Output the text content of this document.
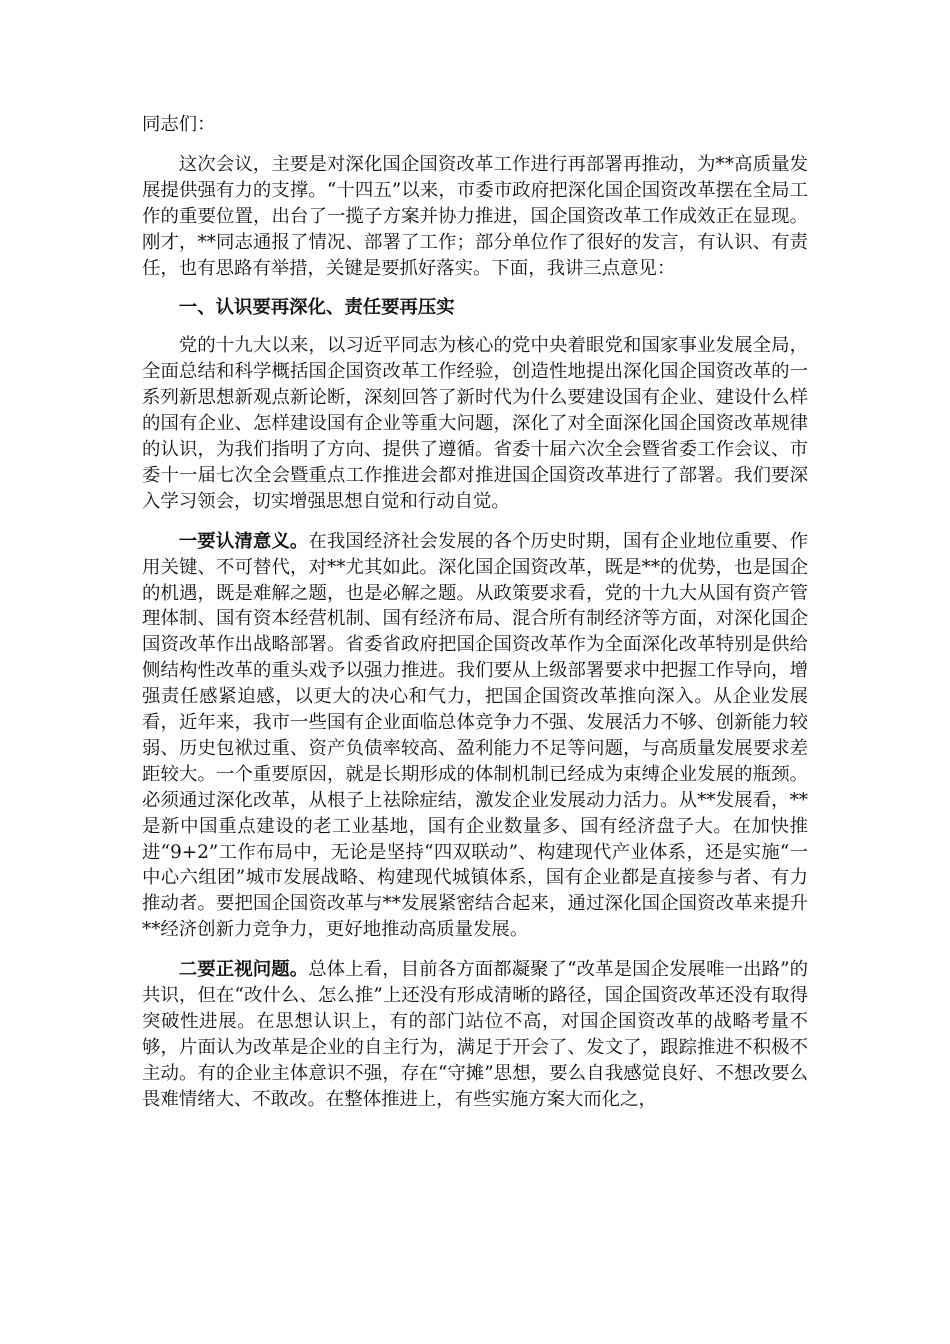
同志们：

这次会议，主要是对深化国企国资改革工作进行再部署再推动，为**高质量发展提供强有力的支撑。“十四五”以来，市委市政府把深化国企国资改革摆在全局工作的重要位置，出台了一揽子方案并协力推进，国企国资改革工作成效正在显现。刚才，**同志通报了情况、部署了工作；部分单位作了很好的发言，有认识、有责任，也有思路有举措，关键是要抓好落实。下面，我讲三点意见：

一、认识要再深化、责任要再压实

党的十九大以来，以习近平同志为核心的党中央着眼党和国家事业发展全局，全面总结和科学概括国企国资改革工作经验，创造性地提出深化国企国资改革的一系列新思想新观点新论断，深刻回答了新时代为什么要建设国有企业、建设什么样的国有企业、怎样建设国有企业等重大问题，深化了对全面深化国企国资改革规律的认识，为我们指明了方向、提供了遵循。省委十届六次全会暨省委工作会议、市委十一届七次全会暨重点工作推进会都对推进国企国资改革进行了部署。我们要深入学习领会，切实增强思想自觉和行动自觉。

一要认清意义。在我国经济社会发展的各个历史时期，国有企业地位重要、作用关键、不可替代，对**尤其如此。深化国企国资改革，既是**的优势，也是国企的机遇，既是难解之题，也是必解之题。从政策要求看，党的十九大从国有资产管理体制、国有资本经营机制、国有经济布局、混合所有制经济等方面，对深化国企国资改革作出战略部署。省委省政府把国企国资改革作为全面深化改革特别是供给侧结构性改革的重头戏予以强力推进。我们要从上级部署要求中把握工作导向，增强责任感紧迫感，以更大的决心和气力，把国企国资改革推向深入。从企业发展看，近年来，我市一些国有企业面临总体竞争力不强、发展活力不够、创新能力较弱、历史包袱过重、资产负债率较高、盈利能力不足等问题，与高质量发展要求差距较大。一个重要原因，就是长期形成的体制机制已经成为束缚企业发展的瓶颈。必须通过深化改革，从根子上祛除症结，激发企业发展动力活力。从**发展看，**是新中国重点建设的老工业基地，国有企业数量多、国有经济盘子大。在加快推进“9+2”工作布局中，无论是坚持“四双联动”、构建现代产业体系，还是实施“一中心六组团”城市发展战略、构建现代城镇体系，国有企业都是直接参与者、有力推动者。要把国企国资改革与**发展紧密结合起来，通过深化国企国资改革来提升**经济创新力竞争力，更好地推动高质量发展。

二要正视问题。总体上看，目前各方面都凝聚了“改革是国企发展唯一出路”的共识，但在“改什么、怎么推”上还没有形成清晰的路径，国企国资改革还没有取得突破性进展。在思想认识上，有的部门站位不高，对国企国资改革的战略考量不够，片面认为改革是企业的自主行为，满足于开会了、发文了，跟踪推进不积极不主动。有的企业主体意识不强，存在“守摊”思想，要么自我感觉良好、不想改要么畏难情绪大、不敢改。在整体推进上，有些实施方案大而化之，
